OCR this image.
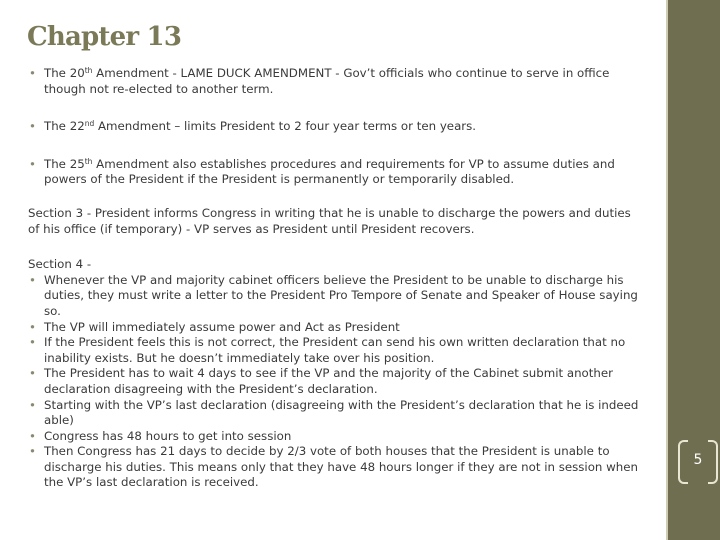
Chapter 13
• The 20th Amendment - LAME DUCK AMENDMENT - Gov’t officials who continue to serve in office though not re-elected to another term.
• The 22nd Amendment – limits President to 2 four year terms or ten years.
• The 25th Amendment also establishes procedures and requirements for VP to assume duties and powers of the President if the President is permanently or temporarily disabled.

Section 3 - President informs Congress in writing that he is unable to discharge the powers and duties of his office (if temporary) - VP serves as President until President recovers.

Section 4 -

• Whenever the VP and majority cabinet officers believe the President to be unable to discharge his duties, they must write a letter to the President Pro Tempore of Senate and Speaker of House saying so.
• The VP will immediately assume power and Act as President
• If the President feels this is not correct, the President can send his own written declaration that no inability exists. But he doesn’t immediately take over his position.
• The President has to wait 4 days to see if the VP and the majority of the Cabinet submit another declaration disagreeing with the President’s declaration.
• Starting with the VP’s last declaration (disagreeing with the President’s declaration that he is indeed able)
• Congress has 48 hours to get into session
• Then Congress has 21 days to decide by 2/3 vote of both houses that the President is unable to discharge his duties. This means only that they have 48 hours longer if they are not in session when the VP’s last declaration is received.
5
